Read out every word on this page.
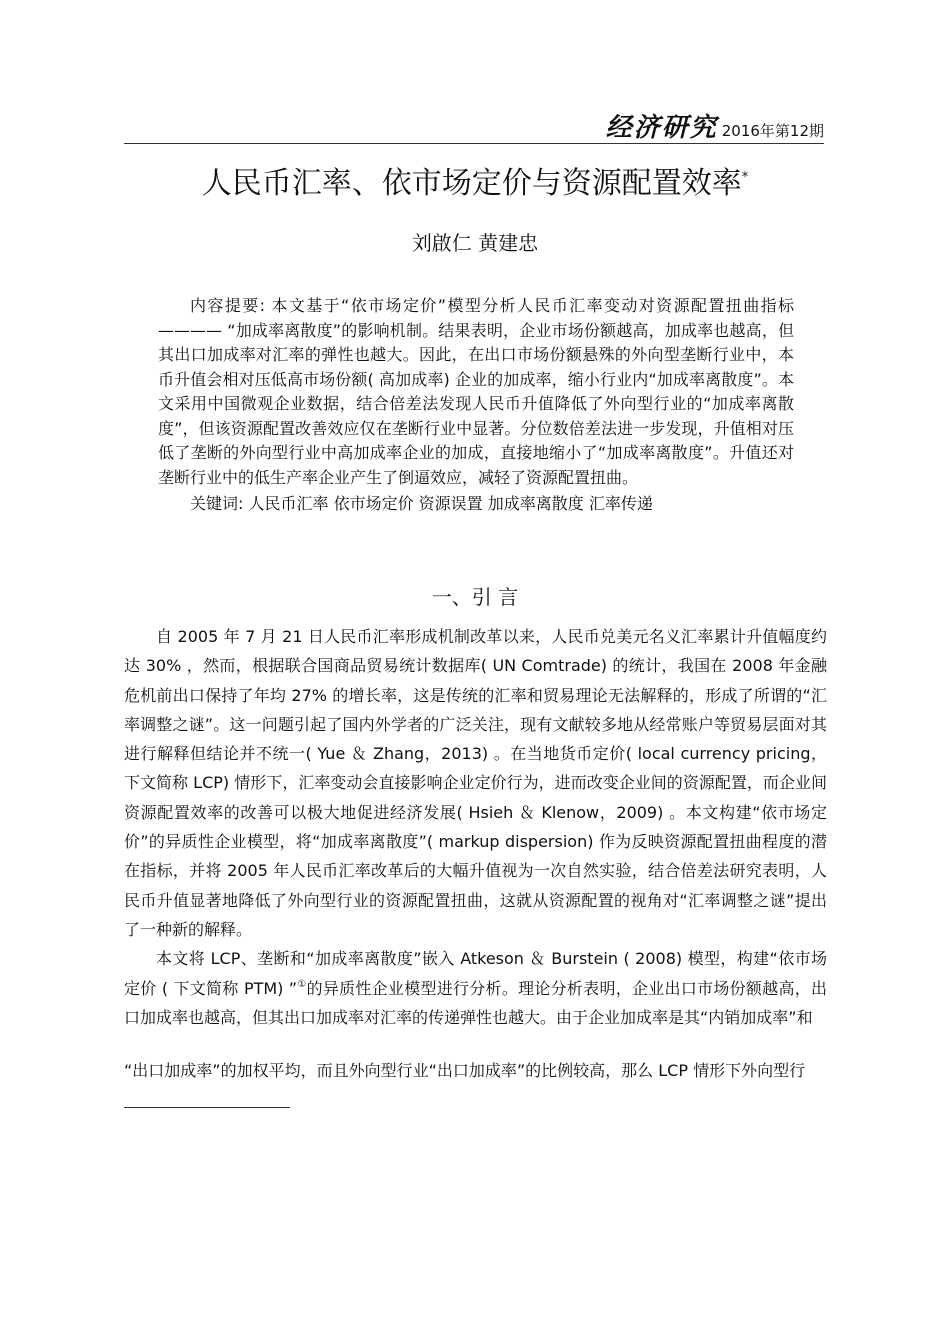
经济研究 2016年第12期
人民币汇率、依市场定价与资源配置效率*
刘啟仁 黄建忠

内容提要: 本文基于“依市场定价”模型分析人民币汇率变动对资源配置扭曲指标———— “加成率离散度”的影响机制。结果表明，企业市场份额越高，加成率也越高，但其出口加成率对汇率的弹性也越大。因此，在出口市场份额悬殊的外向型垄断行业中，本币升值会相对压低高市场份额( 高加成率) 企业的加成率，缩小行业内“加成率离散度”。本文采用中国微观企业数据，结合倍差法发现人民币升值降低了外向型行业的“加成率离散度”，但该资源配置改善效应仅在垄断行业中显著。分位数倍差法进一步发现，升值相对压低了垄断的外向型行业中高加成率企业的加成，直接地缩小了“加成率离散度”。升值还对垄断行业中的低生产率企业产生了倒逼效应，减轻了资源配置扭曲。

关键词: 人民币汇率 依市场定价 资源误置 加成率离散度 汇率传递

一、引 言

自 2005 年 7 月 21 日人民币汇率形成机制改革以来，人民币兑美元名义汇率累计升值幅度约达 30% ，然而，根据联合国商品贸易统计数据库( UN Comtrade) 的统计，我国在 2008 年金融危机前出口保持了年均 27% 的增长率，这是传统的汇率和贸易理论无法解释的，形成了所谓的“汇率调整之谜”。这一问题引起了国内外学者的广泛关注，现有文献较多地从经常账户等贸易层面对其进行解释但结论并不统一( Yue ＆ Zhang，2013) 。在当地货币定价( local currency pricing，下文简称 LCP) 情形下，汇率变动会直接影响企业定价行为，进而改变企业间的资源配置，而企业间资源配置效率的改善可以极大地促进经济发展( Hsieh ＆ Klenow，2009) 。本文构建“依市场定价”的异质性企业模型，将“加成率离散度”( markup dispersion) 作为反映资源配置扭曲程度的潜在指标，并将 2005 年人民币汇率改革后的大幅升值视为一次自然实验，结合倍差法研究表明，人民币升值显著地降低了外向型行业的资源配置扭曲，这就从资源配置的视角对“汇率调整之谜”提出了一种新的解释。

本文将 LCP、垄断和“加成率离散度”嵌入 Atkeson ＆ Burstein ( 2008) 模型，构建“依市场定价 ( 下文简称 PTM) ”①的异质性企业模型进行分析。理论分析表明，企业出口市场份额越高，出口加成率也越高，但其出口加成率对汇率的传递弹性也越大。由于企业加成率是其“内销加成率”和

“出口加成率”的加权平均，而且外向型行业“出口加成率”的比例较高，那么 LCP 情形下外向型行
